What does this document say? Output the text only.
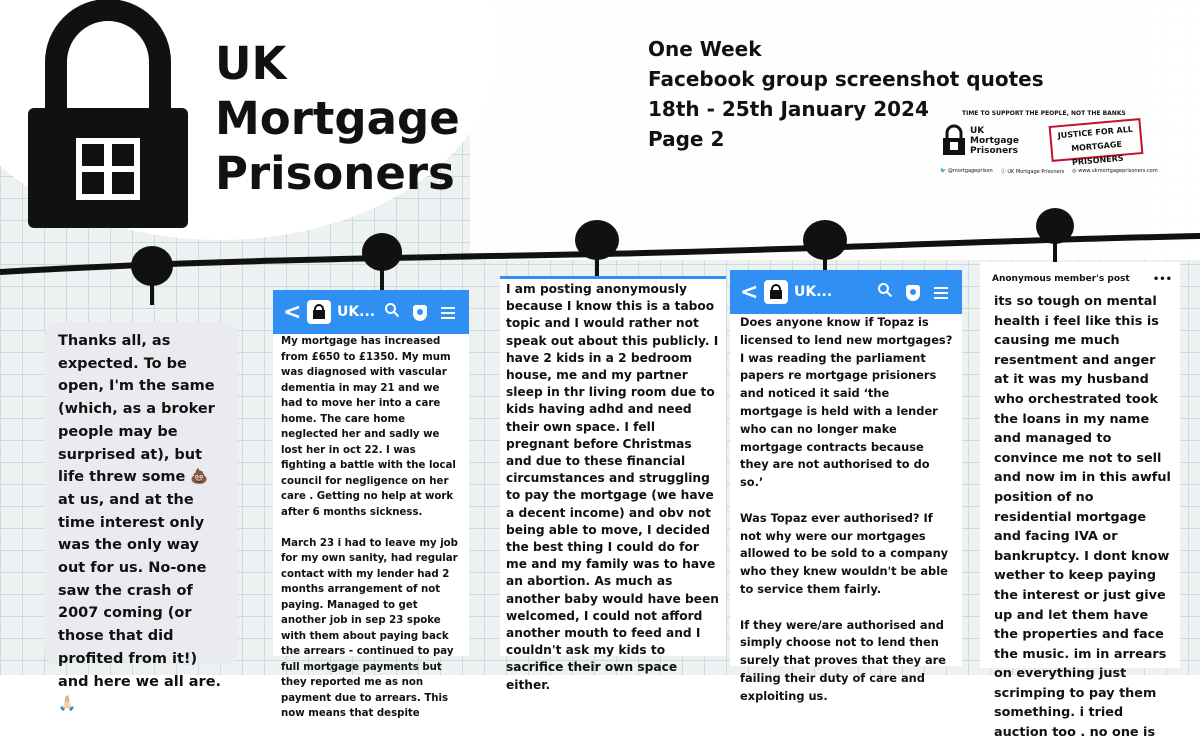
UK
Mortgage
Prisoners
One Week
Facebook group screenshot quotes
18th - 25th January 2024
Page 2
TIME TO SUPPORT THE PEOPLE, NOT THE BANKS
UK
Mortgage
Prisoners
JUSTICE FOR ALL
MORTGAGE PRISONERS
🐦 @mortgageprison ⓕ UK Mortgage Prisoners ◎ www.ukmortgageprisoners.com
Thanks all, as expected. To be open, I'm the same (which, as a broker people may be surprised at), but life threw some 💩 at us, and at the time interest only was the only way out for us. No-one saw the crash of 2007 coming (or those that did profited from it!) and here we all are. 🙏🏻
<	UK...
My mortgage has increased from £650 to £1350. My mum was diagnosed with vascular dementia in may 21 and we had to move her into a care home. The care home neglected her and sadly we lost her in oct 22. I was fighting a battle with the local council for negligence on her care . Getting no help at work after 6 months sickness.

March 23 i had to leave my job for my own sanity, had regular contact with my lender had 2 months arrangement of not paying. Managed to get another job in sep 23 spoke with them about paying back the arrears - continued to pay full mortgage payments but they reported me as non payment due to arrears. This now means that despite
I am posting anonymously because I know this is a taboo topic and I would rather not speak out about this publicly. I have 2 kids in a 2 bedroom house, me and my partner sleep in thr living room due to kids having adhd and need their own space. I fell pregnant before Christmas and due to these financial circumstances and struggling to pay the mortgage (we have a decent income) and obv not being able to move, I decided the best thing I could do for me and my family was to have an abortion. As much as another baby would have been welcomed, I could not afford another mouth to feed and I couldn't ask my kids to sacrifice their own space either.
<	UK...
Does anyone know if Topaz is licensed to lend new mortgages? I was reading the parliament papers re mortgage prisioners and noticed it said ‘the mortgage is held with a lender who can no longer make mortgage contracts because they are not authorised to do so.’

Was Topaz ever authorised? If not why were our mortgages allowed to be sold to a company who they knew wouldn't be able to service them fairly.

If they were/are authorised and simply choose not to lend then surely that proves that they are failing their duty of care and exploiting us.
Anonymous member's post •••
its so tough on mental health i feel like this is causing me much resentment and anger at it was my husband who orchestrated took the loans in my name and managed to convince me not to sell and now im in this awful position of no residential mortgage and facing IVA or bankruptcy. I dont know wether to keep paying the interest or just give up and let them have the properties and face the music. im in arrears on everything just scrimping to pay them something. i tried auction too . no one is
